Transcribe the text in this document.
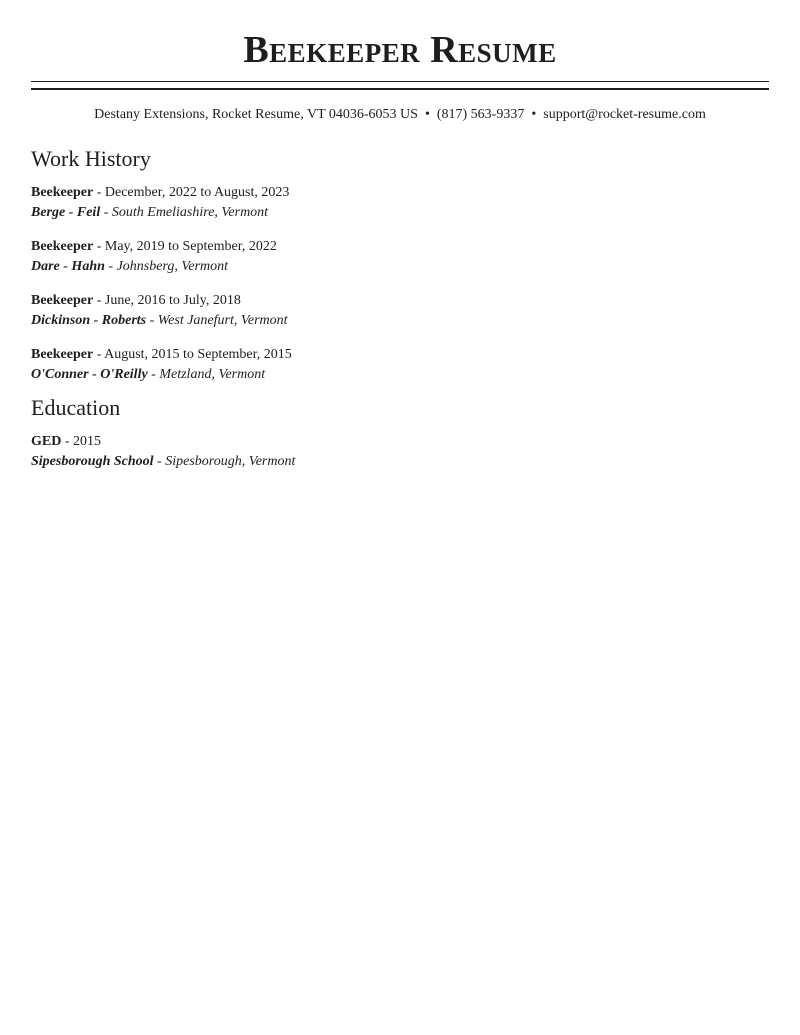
Beekeeper Resume
Destany Extensions, Rocket Resume, VT 04036-6053 US • (817) 563-9337 • support@rocket-resume.com
Work History
Beekeeper - December, 2022 to August, 2023
Berge - Feil - South Emeliashire, Vermont
Beekeeper - May, 2019 to September, 2022
Dare - Hahn - Johnsberg, Vermont
Beekeeper - June, 2016 to July, 2018
Dickinson - Roberts - West Janefurt, Vermont
Beekeeper - August, 2015 to September, 2015
O'Conner - O'Reilly - Metzland, Vermont
Education
GED - 2015
Sipesborough School - Sipesborough, Vermont
